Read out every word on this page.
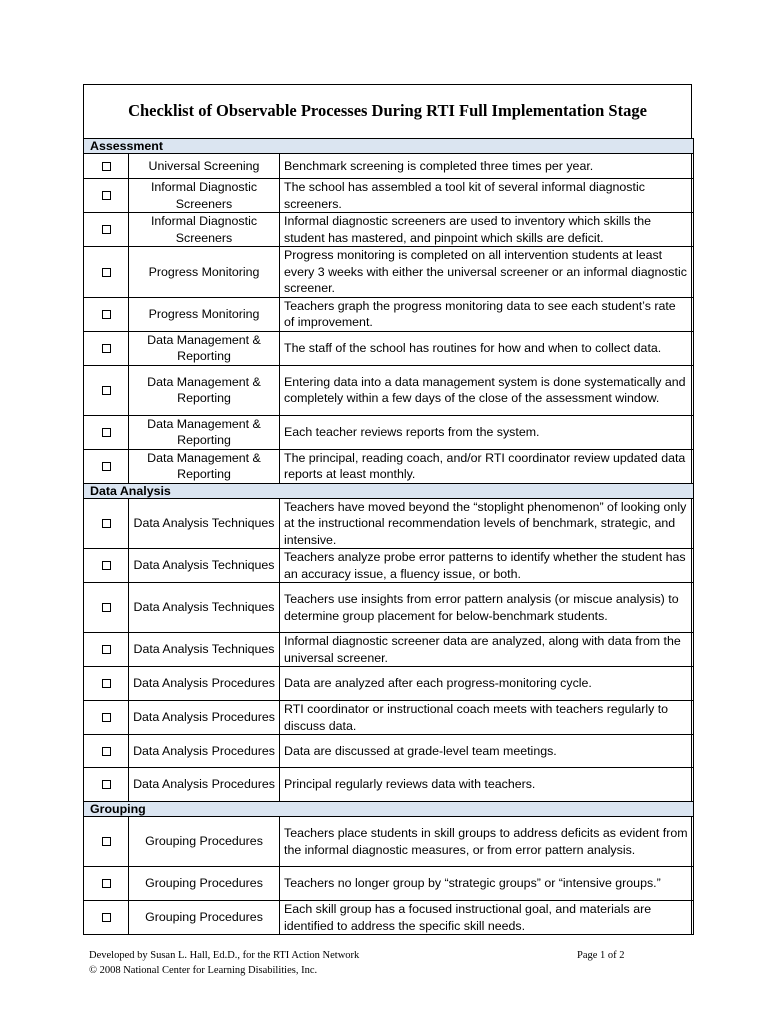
Checklist of Observable Processes During RTI Full Implementation Stage
Assessment		
	Universal Screening	Benchmark screening is completed three times per year.
	Informal Diagnostic Screeners	The school has assembled a tool kit of several informal diagnostic screeners.
	Informal Diagnostic Screeners	Informal diagnostic screeners are used to inventory which skills the student has mastered, and pinpoint which skills are deficit.
	Progress Monitoring	Progress monitoring is completed on all intervention students at least every 3 weeks with either the universal screener or an informal diagnostic screener.
	Progress Monitoring	Teachers graph the progress monitoring data to see each student’s rate of improvement.
	Data Management & Reporting	The staff of the school has routines for how and when to collect data.
	Data Management & Reporting	Entering data into a data management system is done systematically and completely within a few days of the close of the assessment window.
	Data Management & Reporting	Each teacher reviews reports from the system.
	Data Management & Reporting	The principal, reading coach, and/or RTI coordinator review updated data reports at least monthly.
Data Analysis		
	Data Analysis Techniques	Teachers have moved beyond the “stoplight phenomenon” of looking only at the instructional recommendation levels of benchmark, strategic, and intensive.
	Data Analysis Techniques	Teachers analyze probe error patterns to identify whether the student has an accuracy issue, a fluency issue, or both.
	Data Analysis Techniques	Teachers use insights from error pattern analysis (or miscue analysis) to determine group placement for below-benchmark students.
	Data Analysis Techniques	Informal diagnostic screener data are analyzed, along with data from the universal screener.
	Data Analysis Procedures	Data are analyzed after each progress-monitoring cycle.
	Data Analysis Procedures	RTI coordinator or instructional coach meets with teachers regularly to discuss data.
	Data Analysis Procedures	Data are discussed at grade-level team meetings.
	Data Analysis Procedures	Principal regularly reviews data with teachers.
Grouping		
	Grouping Procedures	Teachers place students in skill groups to address deficits as evident from the informal diagnostic measures, or from error pattern analysis.
	Grouping Procedures	Teachers no longer group by “strategic groups” or “intensive groups.”
	Grouping Procedures	Each skill group has a focused instructional goal, and materials are identified to address the specific skill needs.
Developed by Susan L. Hall, Ed.D., for the RTI Action Network
© 2008 National Center for Learning Disabilities, Inc.
Page 1 of 2
